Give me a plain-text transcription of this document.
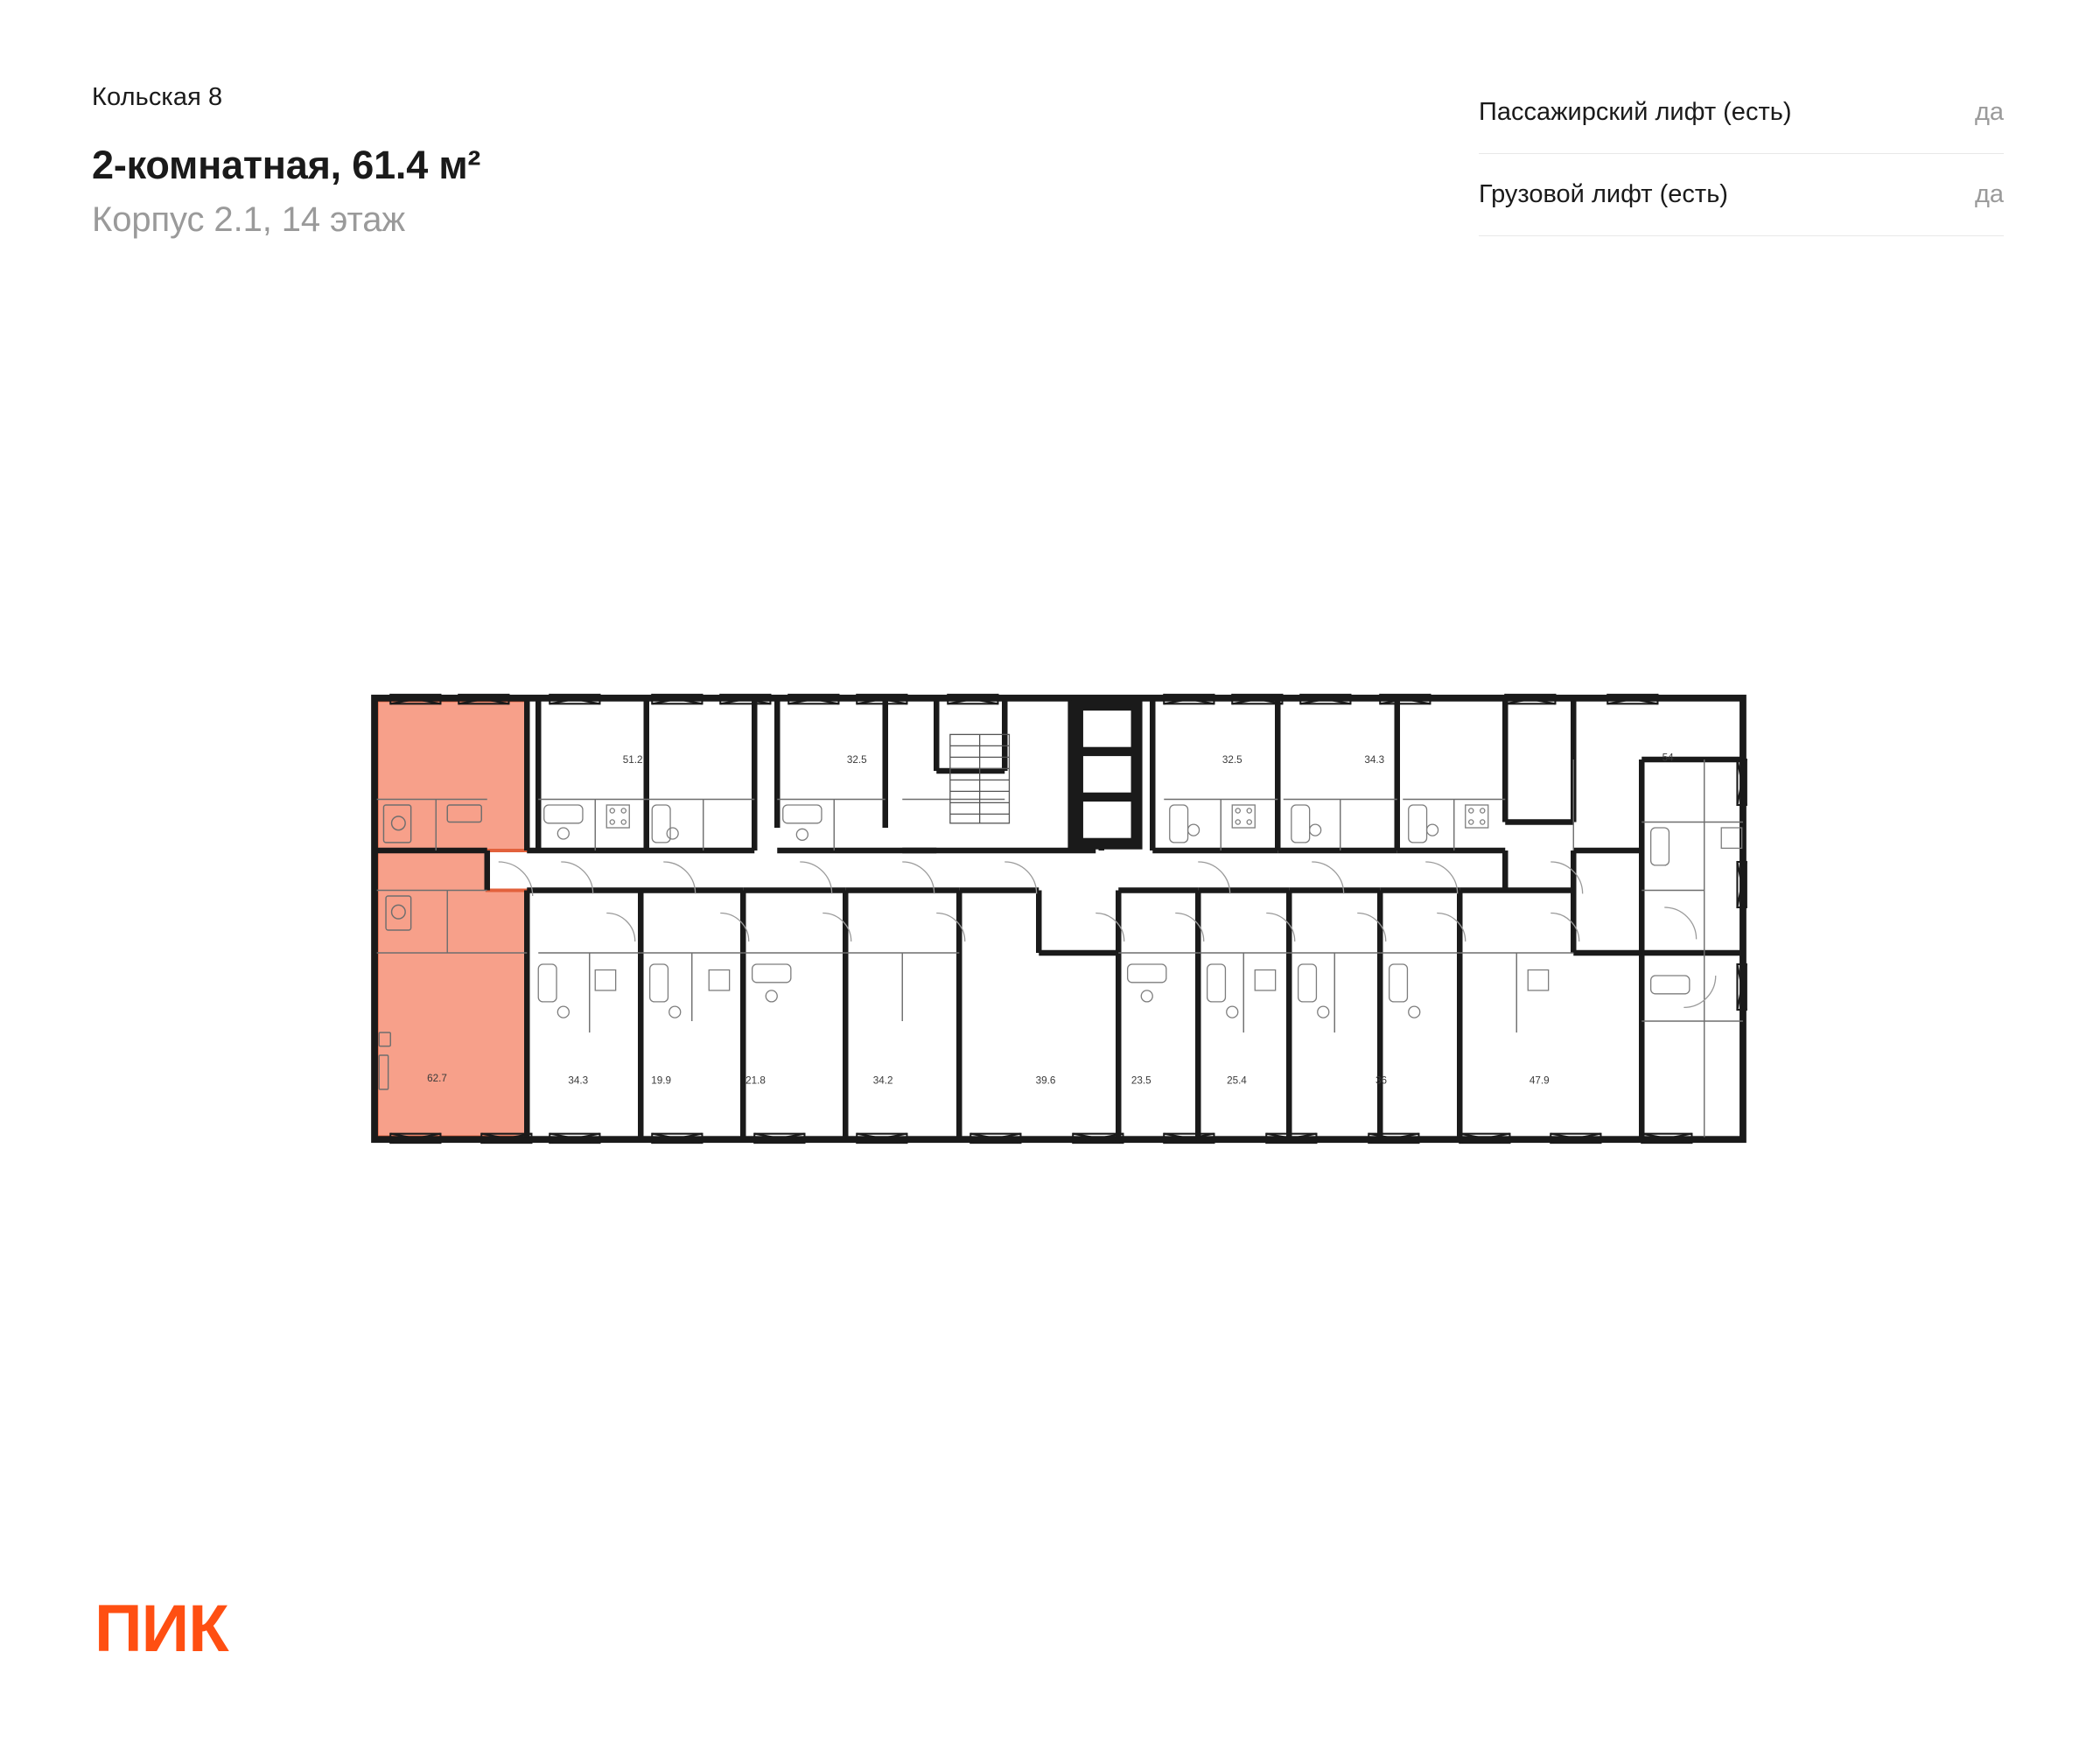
Кольская 8
2-комнатная, 61.4 м²
Корпус 2.1, 14 этаж
Пассажирский лифт (есть)	да
Грузовой лифт (есть)	да
51.2	32.5	32.5	34.3	54
62.7	34.3	19.9	21.8	34.2	39.6	23.5	25.4	36	47.9
ПИК
